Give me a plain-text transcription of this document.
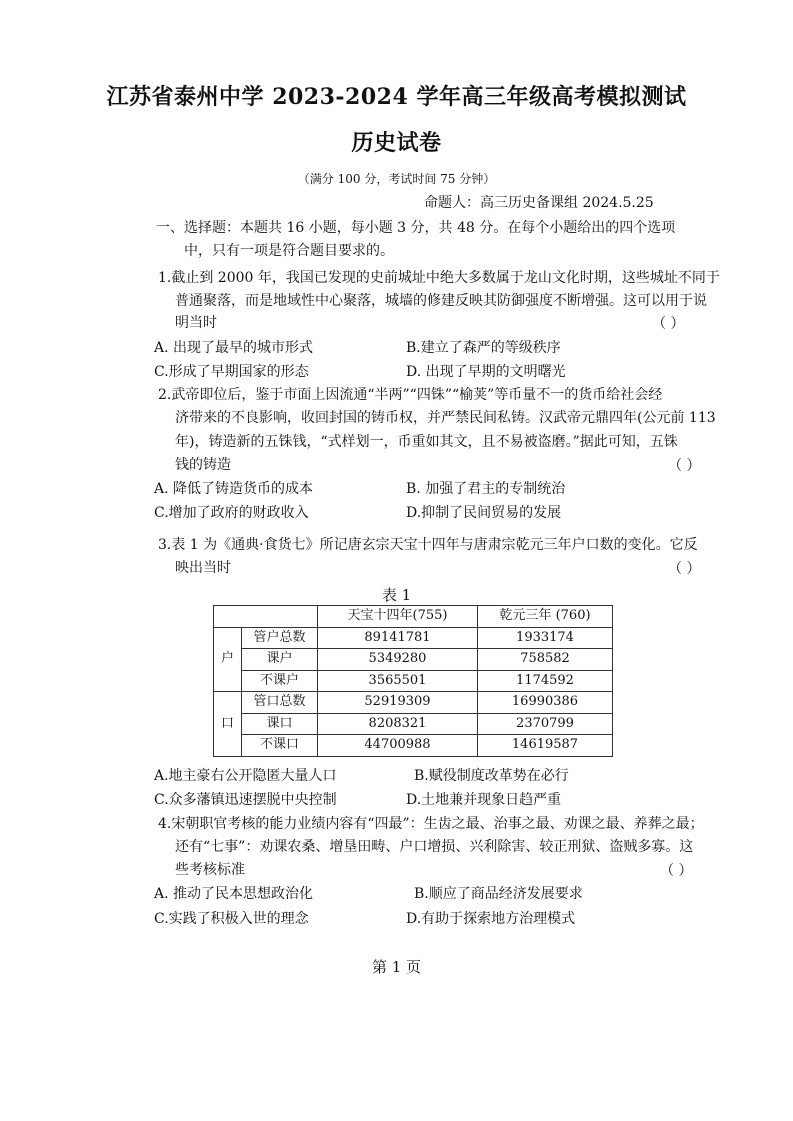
江苏省泰州中学 2023-2024 学年高三年级高考模拟测试
历史试卷
（满分 100 分，考试时间 75 分钟）
命题人：高三历史备课组 2024.5.25
一、选择题：本题共 16 小题，每小题 3 分，共 48 分。在每个小题给出的四个选项
中，只有一项是符合题目要求的。
1.截止到 2000 年，我国已发现的史前城址中绝大多数属于龙山文化时期，这些城址不同于
普通聚落，而是地域性中心聚落，城墙的修建反映其防御强度不断增强。这可以用于说
明当时	（ ）
A. 出现了最早的城市形式	B.建立了森严的等级秩序
C.形成了早期国家的形态	D. 出现了早期的文明曙光
2.武帝即位后，鉴于市面上因流通“半两”“四铢”“榆荚”等币量不一的货币给社会经
济带来的不良影响，收回封国的铸币权，并严禁民间私铸。汉武帝元鼎四年(公元前 113
年)，铸造新的五铢钱，“式样划一，币重如其文，且不易被盗磨。”据此可知，五铢
钱的铸造	（ ）
A. 降低了铸造货币的成本	B. 加强了君主的专制统治
C.增加了政府的财政收入	D.抑制了民间贸易的发展
3.表 1 为《通典·食货七》所记唐玄宗天宝十四年与唐肃宗乾元三年户口数的变化。它反
映出当时	（ ）
表 1
		天宝十四年(755)	乾元三年 (760)
户	管户总数	89141781	1933174
	课户	5349280	758582
	不课户	3565501	1174592
口	管口总数	52919309	16990386
	课口	8208321	2370799
	不课口	44700988	14619587
A.地主豪右公开隐匿大量人口	B.赋役制度改革势在必行
C.众多藩镇迅速摆脱中央控制	D.土地兼并现象日趋严重
4.宋朝职官考核的能力业绩内容有“四最”：生齿之最、治事之最、劝课之最、养葬之最；
还有“七事”：劝课农桑、增垦田畴、户口增损、兴利除害、较正刑狱、盗贼多寡。这
些考核标准	（ ）
A. 推动了民本思想政治化	B.顺应了商品经济发展要求
C.实践了积极入世的理念	D.有助于探索地方治理模式
第 1 页
